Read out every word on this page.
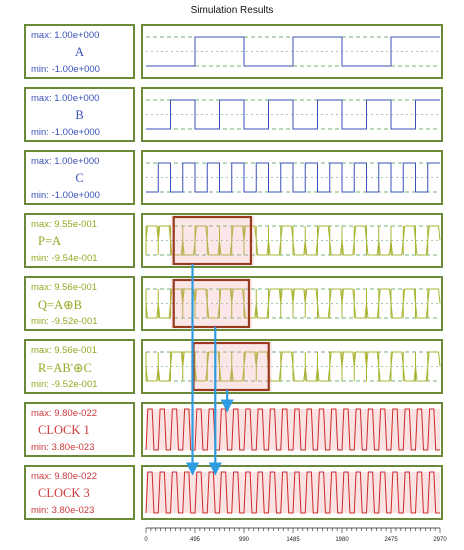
Simulation Results
max: 1.00e+000
A
min: -1.00e+000
max: 1.00e+000
B
min: -1.00e+000
max: 1.00e+000
C
min: -1.00e+000
max: 9.55e-001
P=A
min: -9.54e-001
max: 9.56e-001
Q=A⊕B
min: -9.52e-001
max: 9.56e-001
R=AB'⊕C
min: -9.52e-001
max: 9.80e-022
CLOCK 1
min: 3.80e-023
max: 9.80e-022
CLOCK 3
min: 3.80e-023
0	495	990	1485	1980	2475	2970
